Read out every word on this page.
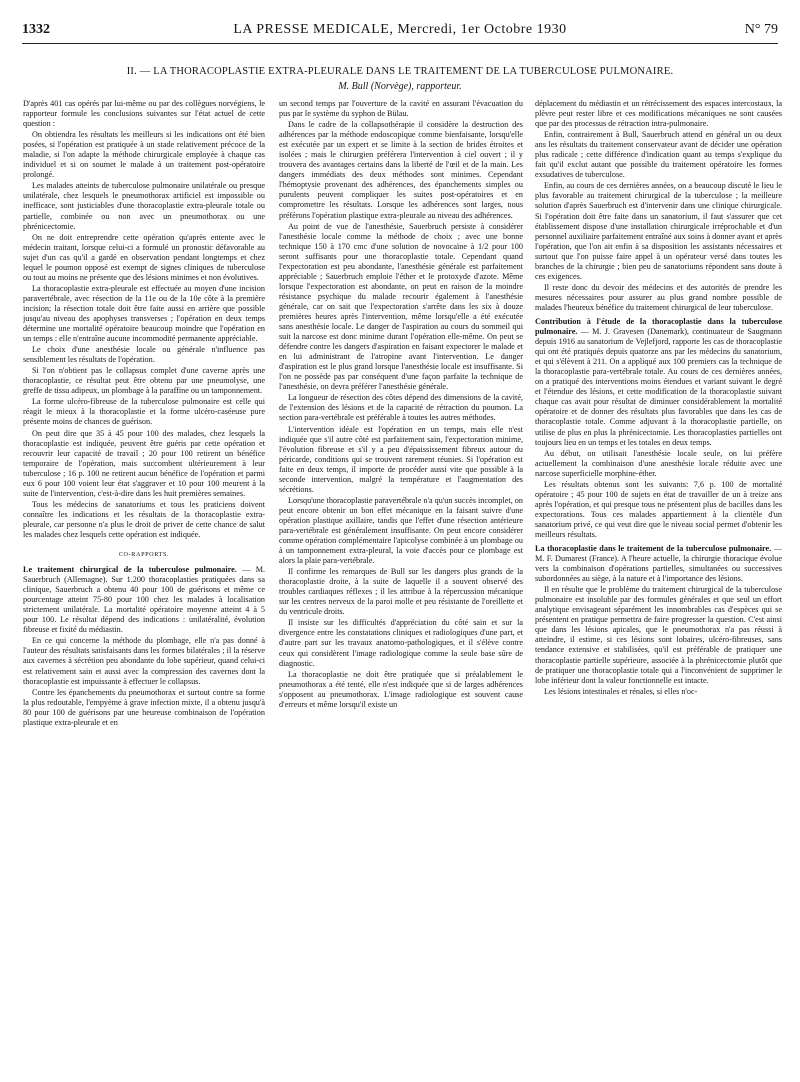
1332	LA PRESSE MEDICALE, Mercredi, 1er Octobre 1930	N° 79
II. — LA THORACOPLASTIE EXTRA-PLEURALE DANS LE TRAITEMENT DE LA TUBERCULOSE PULMONAIRE.
M. Bull (Norvège), rapporteur.

D'après 401 cas opérés par lui-même ou par des collègues norvégiens, le rapporteur formule les conclusions suivantes sur l'état actuel de cette question :

On obtiendra les résultats les meilleurs si les indications ont été bien posées, si l'opération est pratiquée à un stade relativement précoce de la maladie, si l'on adapte la méthode chirurgicale employée à chaque cas individuel et si on soumet le malade à un traitement post-opératoire prolongé.

Les malades atteints de tuberculose pulmonaire unilatérale ou presque unilatérale, chez lesquels le pneumothorax artificiel est impossible ou inefficace, sont justiciables d'une thoracoplastie extra-pleurale totale ou partielle, combinée ou non avec un pneumothorax ou une phrénicectomie.

On ne doit entreprendre cette opération qu'après entente avec le médecin traitant, lorsque celui-ci a formulé un pronostic défavorable au sujet d'un cas qu'il a gardé en observation pendant longtemps et chez lequel le poumon opposé est exempt de signes cliniques de tuberculose ou tout au moins ne présente que des lésions minimes et non évolutives.

La thoracoplastie extra-pleurale est effectuée au moyen d'une incision paravertébrale, avec résection de la 11e ou de la 10e côte à la première incision; la résection totale doit être faite aussi en arrière que possible jusqu'au niveau des apophyses transverses ; l'opération en deux temps détermine une mortalité opératoire beaucoup moindre que l'opération en un temps : elle n'entraîne aucune incommodité permanente appréciable.

Le choix d'une anesthésie locale ou générale n'influence pas sensiblement les résultats de l'opération.

Si l'on n'obtient pas le collapsus complet d'une caverne après une thoracoplastie, ce résultat peut être obtenu par une pneumolyse, une greffe de tissu adipeux, un plombage à la paraffine ou un tamponnement.

La forme ulcéro-fibreuse de la tuberculose pulmonaire est celle qui réagit le mieux à la thoracoplastie et la forme ulcéro-caséeuse pure présente moins de chances de guérison.

On peut dire que 35 à 45 pour 100 des malades, chez lesquels la thoracoplastie est indiquée, peuvent être guéris par cette opération et recouvrir leur capacité de travail ; 20 pour 100 retirent un bénéfice temporaire de l'opération, mais succombent ultérieurement à leur tuberculose ; 16 p. 100 ne retirent aucun bénéfice de l'opération et parmi eux 6 pour 100 voient leur état s'aggraver et 10 pour 100 meurent à la suite de l'intervention, c'est-à-dire dans les huit premières semaines.

Tous les médecins de sanatoriums et tous les praticiens doivent connaître les indications et les résultats de la thoracoplastie extra-pleurale, car personne n'a plus le droit de priver de cette chance de salut les malades chez lesquels cette opération est indiquée.

CO-RAPPORTS.

Le traitement chirurgical de la tuberculose pulmonaire. — M. Sauerbruch (Allemagne). Sur 1.200 thoracoplasties pratiquées dans sa clinique, Sauerbruch a obtenu 40 pour 100 de guérisons et même ce pourcentage atteint 75-80 pour 100 chez les malades à localisation strictement unilatérale. La mortalité opératoire moyenne atteint 4 à 5 pour 100. Le résultat dépend des indications : unilatéralité, évolution fibreuse et fixité du médiastin.

En ce qui concerne la méthode du plombage, elle n'a pas donné à l'auteur des résultats satisfaisants dans les formes bilatérales ; il la réserve aux cavernes à sécrétion peu abondante du lobe supérieur, quand celui-ci est relativement sain et aussi avec la compression des cavernes dont la thoracoplastie est impuissante à effectuer le collapsus.

Contre les épanchements du pneumothorax et surtout contre sa forme la plus redoutable, l'empyème à grave infection mixte, il a obtenu jusqu'à 80 pour 100 de guérisons par une heureuse combinaison de l'opération plastique extra-pleurale et en

un second temps par l'ouverture de la cavité en assurant l'évacuation du pus par le système du syphon de Bülau.

Dans le cadre de la collapsothérapie il considère la destruction des adhérences par la méthode endoscopique comme bienfaisante, lorsqu'elle est exécutée par un expert et se limite à la section de brides étroites et isolées ; mais le chirurgien préférera l'intervention à ciel ouvert ; il y trouvera des avantages certains dans la liberté de l'œil et de la main. Les dangers immédiats des deux méthodes sont minimes. Cependant l'hémoptysie provenant des adhérences, des épanchements simples ou purulents peuvent compliquer les suites post-opératoires et en compromettre les résultats. Lorsque les adhérences sont larges, nous préférons l'opération plastique extra-pleurale au niveau des adhérences.

Au point de vue de l'anesthésie, Sauerbruch persiste à considérer l'anesthésie locale comme la méthode de choix ; avec une bonne technique 150 à 170 cmc d'une solution de novocaïne à 1/2 pour 100 seront suffisants pour une thoracoplastie totale. Cependant quand l'expectoration est peu abondante, l'anesthésie générale est parfaitement appréciable ; Sauerbruch emploie l'éther et le protoxyde d'azote. Même lorsque l'expectoration est abondante, on peut en raison de la moindre résistance psychique du malade recourir également à l'anesthésie générale, car on sait que l'expectoration s'arrête dans les six à douze premières heures après l'intervention, même lorsqu'elle a été exécutée sans anesthésie locale. Le danger de l'aspiration au cours du sommeil qui suit la narcose est donc minime durant l'opération elle-même. On peut se défendre contre les dangers d'aspiration en faisant expectorer le malade et en lui administrant de l'atropine avant l'intervention. Le danger d'aspiration est le plus grand lorsque l'anesthésie locale est insuffisante. Si l'on ne possède pas par conséquent d'une façon parfaite la technique de l'anesthésie, on devra préférer l'anesthésie générale.

La longueur de résection des côtes dépend des dimensions de la cavité, de l'extension des lésions et de la capacité de rétraction du poumon. La section para-vertébrale est préférable à toutes les autres méthodes.

L'intervention idéale est l'opération en un temps, mais elle n'est indiquée que s'il autre côté est parfaitement sain, l'expectoration minime, l'évolution fibreuse et s'il y a peu d'épaississement fibreux autour du péricarde, conditions qui se trouvent rarement réunies. Si l'opération est faite en deux temps, il importe de procéder aussi vite que possible à la seconde intervention, malgré la température et l'augmentation des sécrétions.

Lorsqu'une thoracoplastie paravertébrale n'a qu'un succès incomplet, on peut encore obtenir un bon effet mécanique en la faisant suivre d'une opération plastique axillaire, tandis que l'effet d'une résection antérieure para-vertébrale est généralement insuffisante. On peut encore considérer comme opération complémentaire l'apicolyse combinée à un plombage ou à un tamponnement extra-pleural, la voie d'accès pour ce plombage est alors la plaie para-vertébrale.

Il confirme les remarques de Bull sur les dangers plus grands de la thoracoplastie droite, à la suite de laquelle il a souvent observé des troubles cardiaques réflexes ; il les attribue à la répercussion mécanique sur les centres nerveux de la paroi molle et peu résistante de l'oreillette et du ventricule droits.

Il insiste sur les difficultés d'appréciation du côté sain et sur la divergence entre les constatations cliniques et radiologiques d'une part, et d'autre part sur les travaux anatomo-pathologiques, et il s'élève contre ceux qui considèrent l'image radiologique comme la seule base sûre de diagnostic.

La thoracoplastie ne doit être pratiquée que si préalablement le pneumothorax a été tenté, elle n'est indiquée que si de larges adhérences s'opposent au pneumothorax. L'image radiologique est souvent cause d'erreurs et même lorsqu'il existe un

déplacement du médiastin et un rétrécissement des espaces intercostaux, la plèvre peut rester libre et ces modifications mécaniques ne sont causées que par des processus de rétraction intra-pulmonaire.

Enfin, contrairement à Bull, Sauerbruch attend en général un ou deux ans les résultats du traitement conservateur avant de décider une opération plus radicale ; cette différence d'indication quant au temps s'explique du fait qu'il exclut autant que possible du traitement opératoire les formes exsudatives de tuberculose.

Enfin, au cours de ces dernières années, on a beaucoup discuté le lieu le plus favorable au traitement chirurgical de la tuberculose ; la meilleure solution d'après Sauerbruch est d'intervenir dans une clinique chirurgicale. Si l'opération doit être faite dans un sanatorium, il faut s'assurer que cet établissement dispose d'une installation chirurgicale irréprochable et d'un personnel auxiliaire parfaitement entraîné aux soins à donner avant et après l'opération, que l'on ait enfin à sa disposition les assistants nécessaires et surtout que l'on puisse faire appel à un opérateur versé dans toutes les branches de la chirurgie ; bien peu de sanatoriums répondent sans doute à ces exigences.

Il reste donc du devoir des médecins et des autorités de prendre les mesures nécessaires pour assurer au plus grand nombre possible de malades l'heureux bénéfice du traitement chirurgical de leur tuberculose.

Contribution à l'étude de la thoracoplastie dans la tuberculose pulmonaire. — M. J. Gravesen (Danemark), continuateur de Saugmann depuis 1916 au sanatorium de Vejlefjord, rapporte les cas de thoracoplastie qui ont été pratiqués depuis quatorze ans par les médecins du sanatorium, et qui s'élèvent à 211. On a appliqué aux 100 premiers cas la technique de la thoracoplastie para-vertébrale totale. Au cours de ces dernières années, on a pratiqué des interventions moins étendues et variant suivant le degré et l'étendue des lésions, et cette modification de la thoracoplastie suivant chaque cas avait pour résultat de diminuer considérablement la mortalité opératoire et de donner des résultats plus favorables que dans les cas de thoracoplastie totale. Comme adjuvant à la thoracoplastie partielle, on utilise de plus en plus la phrénicectomie. Les thoracoplasties partielles ont toujours lieu en un temps et les totales en deux temps.

Au début, on utilisait l'anesthésie locale seule, on lui préfère actuellement la combinaison d'une anesthésie locale réduite avec une narcose superficielle morphine-éther.

Les résultats obtenus sont les suivants: 7,6 p. 100 de mortalité opératoire ; 45 pour 100 de sujets en état de travailler de un à treize ans après l'opération, et qui presque tous ne présentent plus de bacilles dans les expectorations. Tous ces malades appartiennent à la clientèle d'un sanatorium privé, ce qui veut dire que le niveau social permet d'obtenir les meilleurs résultats.

La thoracoplastie dans le traitement de la tuberculose pulmonaire. — M. F. Dumarest (France). A l'heure actuelle, la chirurgie thoracique évolue vers la combinaison d'opérations partielles, simultanées ou successives subordonnées au siège, à la nature et à l'importance des lésions.

Il en résulte que le problème du traitement chirurgical de la tuberculose pulmonaire est insoluble par des formules générales et que seul un effort analytique envisageant séparément les innombrables cas d'espèces qui se présentent en pratique permettra de faire progresser la question. C'est ainsi que dans les lésions apicales, que le pneumothorax n'a pas réussi à atteindre, il estime, si ces lésions sont lobaires, ulcéro-fibreuses, sans tendance extensive et stabilisées, qu'il est préférable de pratiquer une thoracoplastie partielle supérieure, associée à la phrénicectomie plutôt que de pratiquer une thoracoplastie totale qui a l'inconvénient de supprimer le lobe inférieur dont la valeur fonctionnelle est intacte.

Les lésions intestinales et rénales, si elles n'oc-
